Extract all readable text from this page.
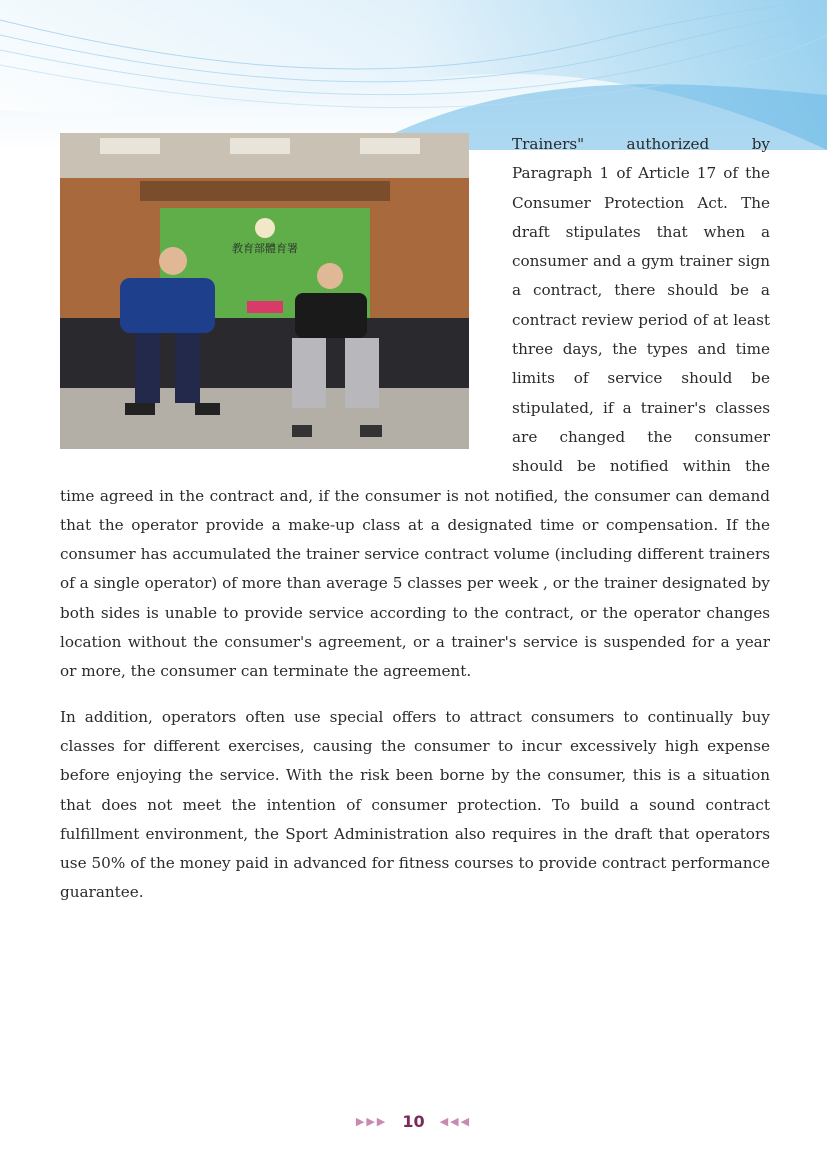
教育部體育署

Trainers" authorized by Paragraph 1 of Article 17 of the Consumer Protection Act. The draft stipulates that when a consumer and a gym trainer sign a contract, there should be a contract review period of at least three days, the types and time limits of service should be stipulated, if a trainer's classes are changed the consumer should be notified within the time agreed in the contract and, if the consumer is not notified, the consumer can demand that the operator provide a make-up class at a designated time or compensation. If the consumer has accumulated the trainer service contract volume (including different trainers of a single operator) of more than average 5 classes per week , or the trainer designated by both sides is unable to provide service according to the contract, or the operator changes location without the consumer's agreement, or a trainer's service is suspended for a year or more, the consumer can terminate the agreement.

In addition, operators often use special offers to attract consumers to continually buy classes for different exercises, causing the consumer to incur excessively high expense before enjoying the service. With the risk been borne by the consumer, this is a situation that does not meet the intention of consumer protection. To build a sound contract fulfillment environment, the Sport Administration also requires in the draft that operators use 50% of the money paid in advanced for fitness courses to provide contract performance guarantee.

▶▶▶ 10 ◀◀◀
